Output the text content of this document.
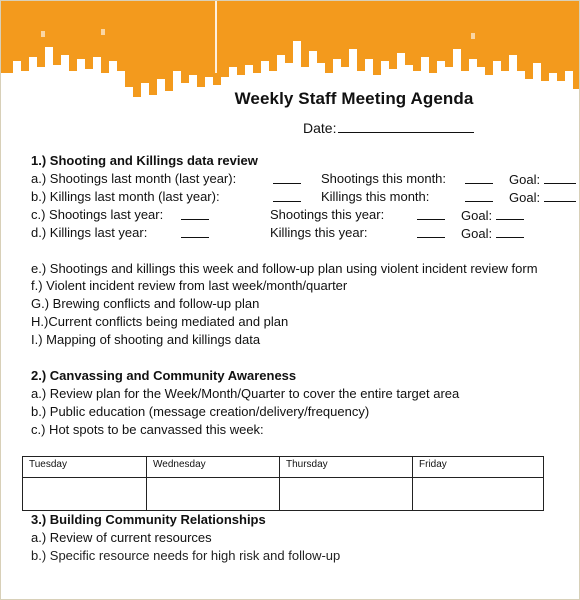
Weekly Staff Meeting Agenda
Date:
1.) Shooting and Killings data review
a.) Shootings last month (last year):	Shootings this month:	Goal:
b.) Killings last month (last year):	Killings this month:	Goal:
c.) Shootings last year:	Shootings this year:	Goal:
d.) Killings last year:	Killings this year:	Goal:
e.) Shootings and killings this week and follow-up plan using violent incident review form
f.) Violent incident review from last week/month/quarter
G.) Brewing conflicts and follow-up plan
H.)Current conflicts being mediated and plan
I.) Mapping of shooting and killings data
2.) Canvassing and Community Awareness
a.) Review plan for the Week/Month/Quarter to cover the entire target area
b.) Public education (message creation/delivery/frequency)
c.) Hot spots to be canvassed this week:
Tuesday	Wednesday	Thursday	Friday

3.) Building Community Relationships
a.) Review of current resources
b.) Specific resource needs for high risk and follow-up
